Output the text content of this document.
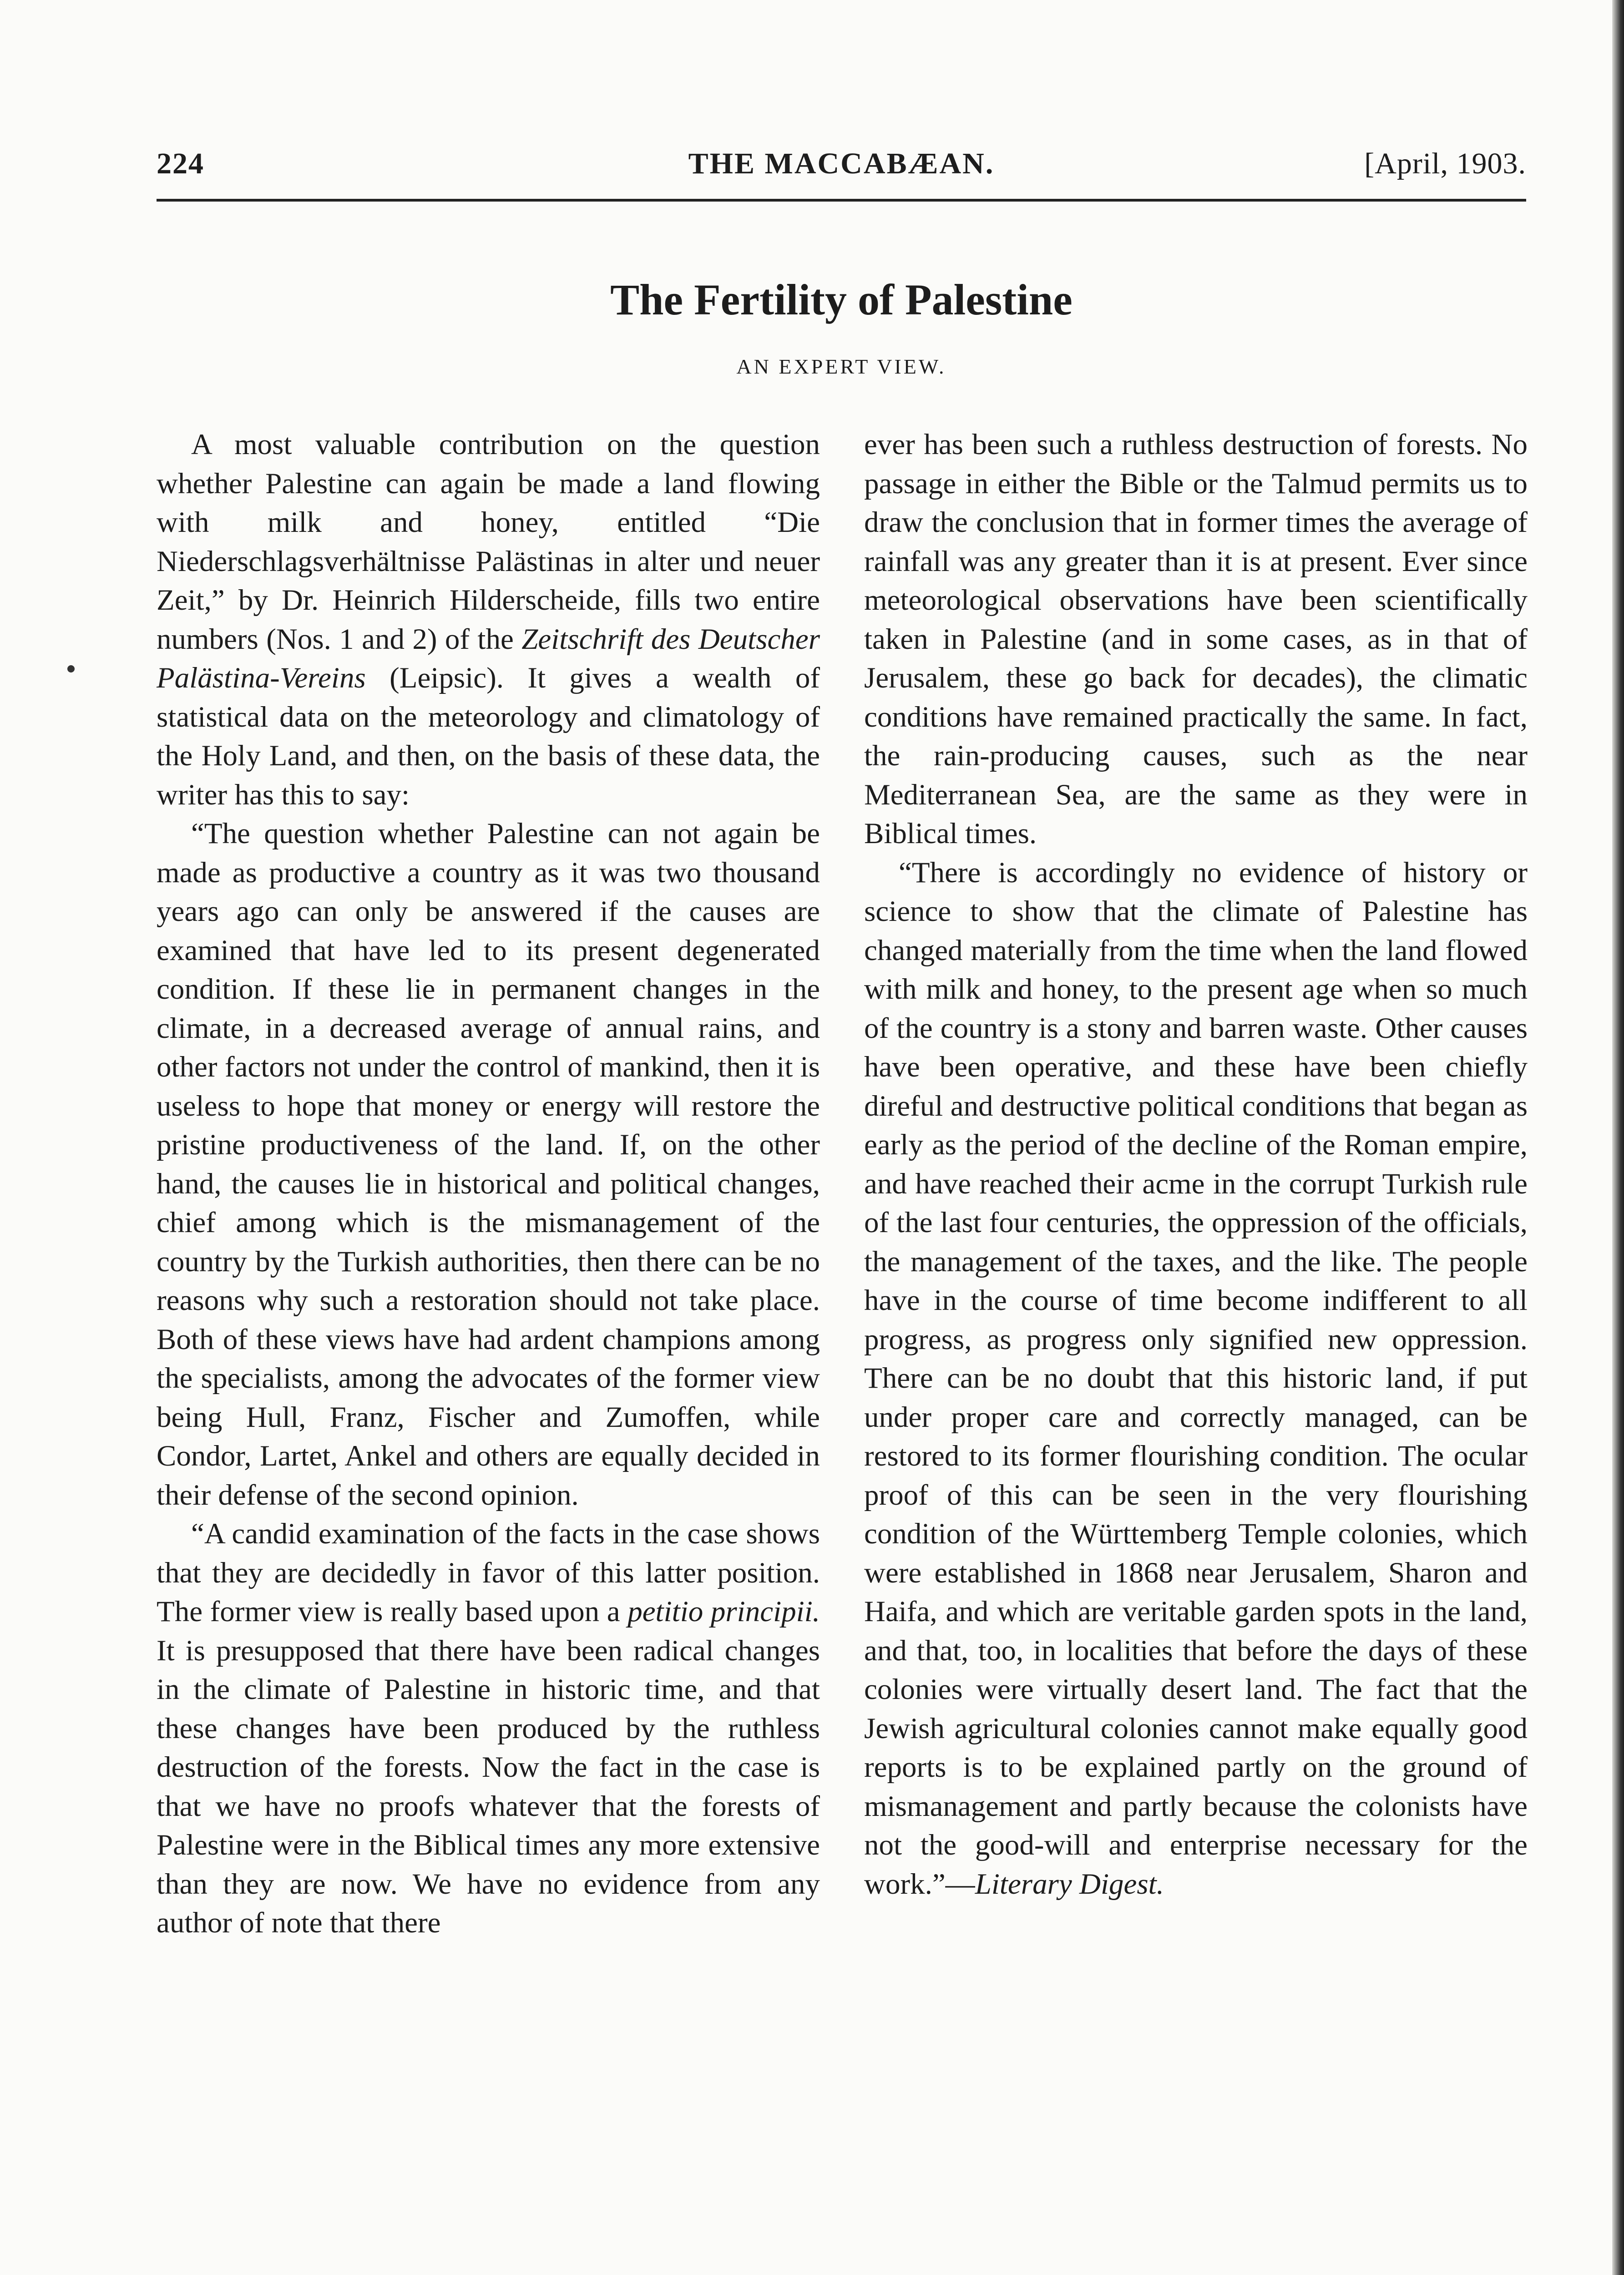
THE MACCABÆAN.
224	[April, 1903.
The Fertility of Palestine
AN EXPERT VIEW.

A most valuable contribution on the question whether Palestine can again be made a land flowing with milk and honey, entitled “Die Niederschlagsverhältnisse Palästinas in alter und neuer Zeit,” by Dr. Heinrich Hilderscheide, fills two entire numbers (Nos. 1 and 2) of the Zeitschrift des Deutscher Palästina-Vereins (Leipsic). It gives a wealth of statistical data on the meteorology and climatology of the Holy Land, and then, on the basis of these data, the writer has this to say:

“The question whether Palestine can not again be made as productive a country as it was two thousand years ago can only be answered if the causes are examined that have led to its present degenerated condition. If these lie in permanent changes in the climate, in a decreased average of annual rains, and other factors not under the control of mankind, then it is useless to hope that money or energy will restore the pristine productiveness of the land. If, on the other hand, the causes lie in historical and political changes, chief among which is the mismanagement of the country by the Turkish authorities, then there can be no reasons why such a restoration should not take place. Both of these views have had ardent champions among the specialists, among the advocates of the former view being Hull, Franz, Fischer and Zumoffen, while Condor, Lartet, Ankel and others are equally decided in their defense of the second opinion.

“A candid examination of the facts in the case shows that they are decidedly in favor of this latter position. The former view is really based upon a petitio principii. It is presupposed that there have been radical changes in the climate of Palestine in historic time, and that these changes have been produced by the ruthless destruction of the forests. Now the fact in the case is that we have no proofs whatever that the forests of Palestine were in the Biblical times any more extensive than they are now. We have no evidence from any author of note that there

ever has been such a ruthless destruction of forests. No passage in either the Bible or the Talmud permits us to draw the conclusion that in former times the average of rainfall was any greater than it is at present. Ever since meteorological observations have been scientifically taken in Palestine (and in some cases, as in that of Jerusalem, these go back for decades), the climatic conditions have remained practically the same. In fact, the rain-producing causes, such as the near Mediterranean Sea, are the same as they were in Biblical times.

“There is accordingly no evidence of history or science to show that the climate of Palestine has changed materially from the time when the land flowed with milk and honey, to the present age when so much of the country is a stony and barren waste. Other causes have been operative, and these have been chiefly direful and destructive political conditions that began as early as the period of the decline of the Roman empire, and have reached their acme in the corrupt Turkish rule of the last four centuries, the oppression of the officials, the management of the taxes, and the like. The people have in the course of time become indifferent to all progress, as progress only signified new oppression. There can be no doubt that this historic land, if put under proper care and correctly managed, can be restored to its former flourishing condition. The ocular proof of this can be seen in the very flourishing condition of the Württemberg Temple colonies, which were established in 1868 near Jerusalem, Sharon and Haifa, and which are veritable garden spots in the land, and that, too, in localities that before the days of these colonies were virtually desert land. The fact that the Jewish agricultural colonies cannot make equally good reports is to be explained partly on the ground of mismanagement and partly because the colonists have not the good-will and enterprise necessary for the work.”—Literary Digest.
